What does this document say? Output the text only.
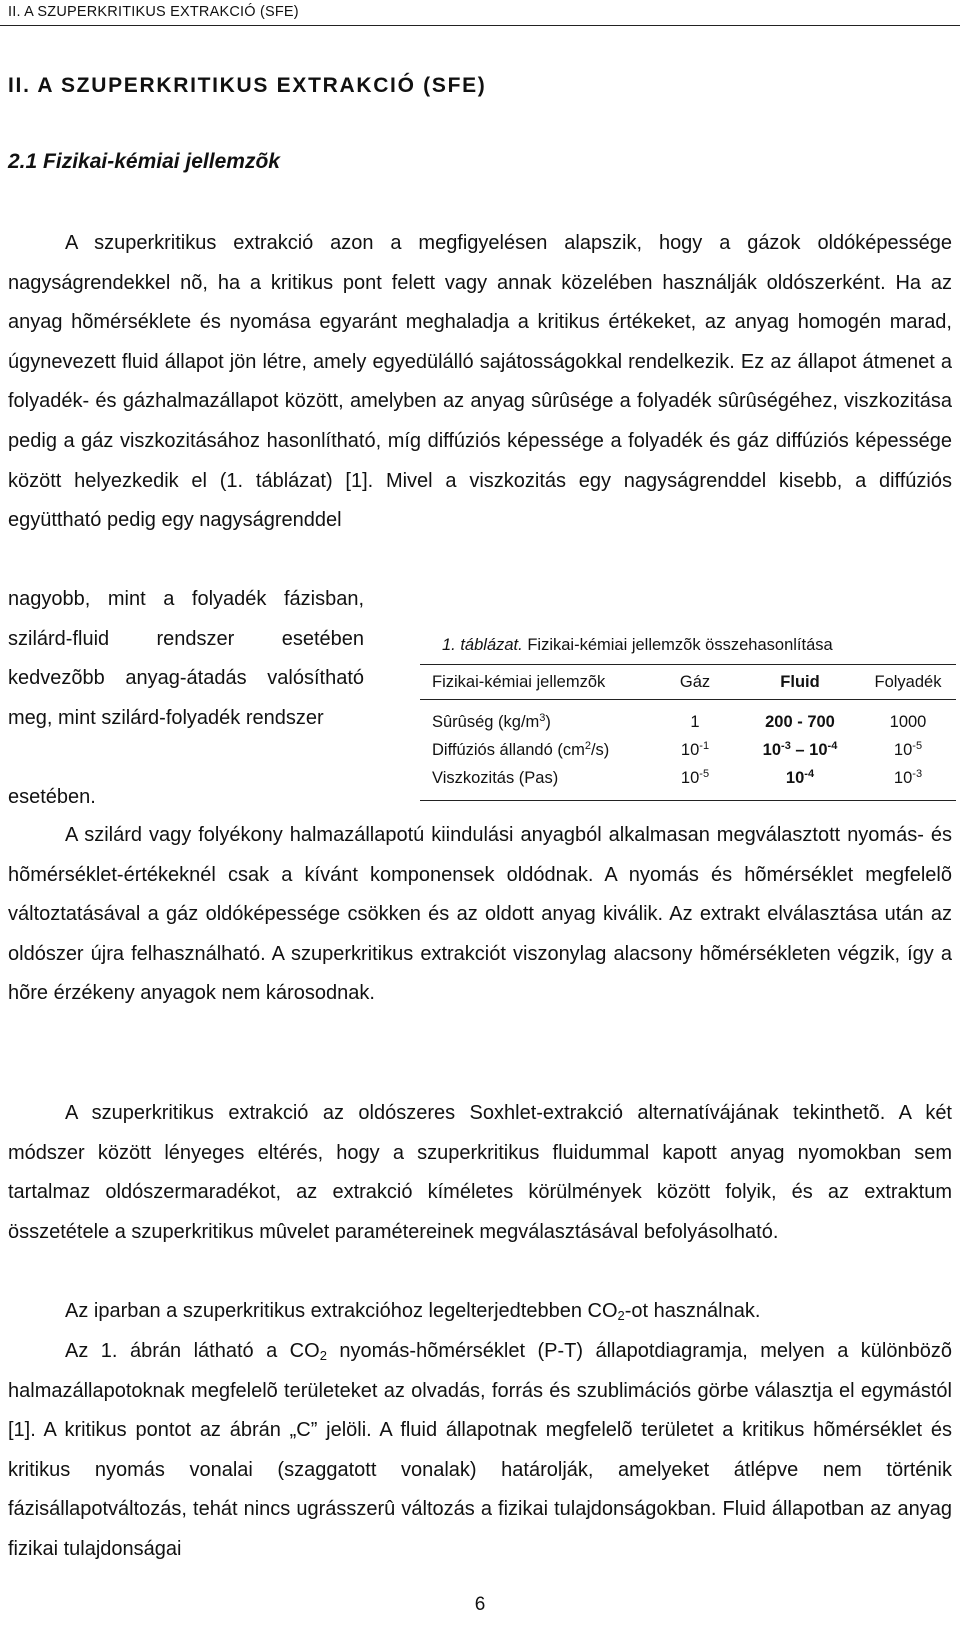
II. A SZUPERKRITIKUS EXTRAKCIÓ (SFE)
II. A SZUPERKRITIKUS EXTRAKCIÓ (SFE)
2.1 Fizikai-kémiai jellemzõk

A szuperkritikus extrakció azon a megfigyelésen alapszik, hogy a gázok oldóképessége nagyságrendekkel nõ, ha a kritikus pont felett vagy annak közelében használják oldószerként. Ha az anyag hõmérséklete és nyomása egyaránt meghaladja a kritikus értékeket, az anyag homogén marad, úgynevezett fluid állapot jön létre, amely egyedülálló sajátosságokkal rendelkezik. Ez az állapot átmenet a folyadék- és gázhalmazállapot között, amelyben az anyag sûrûsége a folyadék sûrûségéhez, viszkozitása pedig a gáz viszkozitásához hasonlítható, míg diffúziós képessége a folyadék és gáz diffúziós képessége között helyezkedik el (1. táblázat) [1]. Mivel a viszkozitás egy nagyságrenddel kisebb, a diffúziós együttható pedig egy nagyságrenddel

nagyobb, mint a folyadék fázisban, szilárd-fluid rendszer esetében kedvezõbb anyag-átadás valósítható meg, mint szilárd-folyadék rendszer

esetében.

1. táblázat. Fizikai-kémiai jellemzõk összehasonlítása
Fizikai-kémiai jellemzõk	Gáz	Fluid	Folyadék
Sûrûség $(kg/m^3)$	1	200 - 700	1000
Diffúziós állandó $(cm^2/s)$	$10^{-1}$	$10^{-3} - 10^{-4}$	$10^{-5}$
Viszkozitás (Pas)	$10^{-5}$	$10^{-4}$	$10^{-3}$

A szilárd vagy folyékony halmazállapotú kiindulási anyagból alkalmasan megválasztott nyomás- és hõmérséklet-értékeknél csak a kívánt komponensek oldódnak. A nyomás és hõmérséklet megfelelõ változtatásával a gáz oldóképessége csökken és az oldott anyag kiválik. Az extrakt elválasztása után az oldószer újra felhasználható. A szuperkritikus extrakciót viszonylag alacsony hõmérsékleten végzik, így a hõre érzékeny anyagok nem károsodnak.

A szuperkritikus extrakció az oldószeres Soxhlet-extrakció alternatívájának tekinthetõ. A két módszer között lényeges eltérés, hogy a szuperkritikus fluidummal kapott anyag nyomokban sem tartalmaz oldószermaradékot, az extrakció kíméletes körülmények között folyik, és az extraktum összetétele a szuperkritikus mûvelet paramétereinek megválasztásával befolyásolható.

Az iparban a szuperkritikus extrakcióhoz legelterjedtebben $CO_2-ot$ használnak.

Az 1. ábrán látható a $CO_2$ nyomás-hõmérséklet (P-T) állapotdiagramja, melyen a különbözõ halmazállapotoknak megfelelõ területeket az olvadás, forrás és szublimációs görbe választja el egymástól [1]. A kritikus pontot az ábrán „C” jelöli. A fluid állapotnak megfelelõ területet a kritikus hõmérséklet és kritikus nyomás vonalai (szaggatott vonalak) határolják, amelyeket átlépve nem történik fázisállapotváltozás, tehát nincs ugrásszerû változás a fizikai tulajdonságokban. Fluid állapotban az anyag fizikai tulajdonságai

6
